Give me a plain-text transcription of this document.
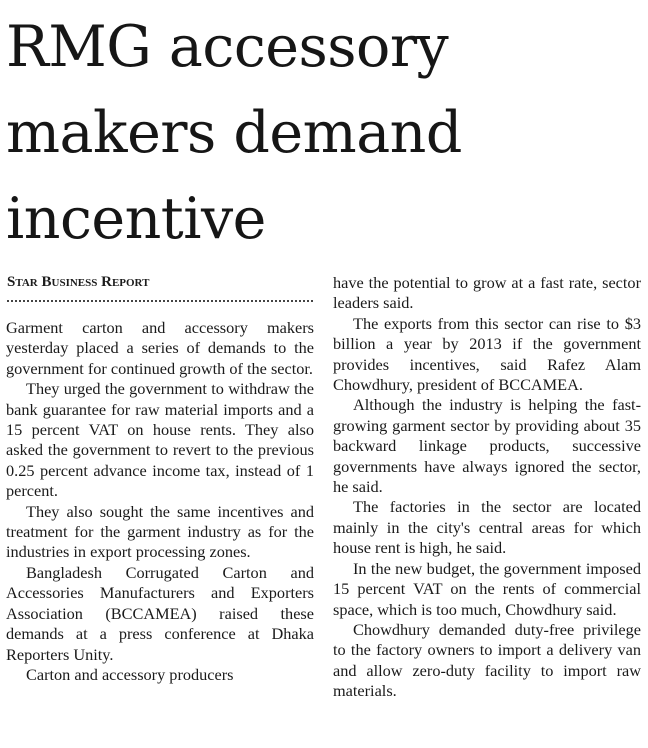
RMG accessory makers demand incentive
Star Business Report

Garment carton and accessory makers yesterday placed a series of demands to the government for continued growth of the sector.

They urged the government to withdraw the bank guarantee for raw material imports and a 15 percent VAT on house rents. They also asked the government to revert to the previous 0.25 percent advance income tax, instead of 1 percent.

They also sought the same incentives and treatment for the garment industry as for the industries in export processing zones.

Bangladesh Corrugated Carton and Accessories Manufacturers and Exporters Association (BCCAMEA) raised these demands at a press conference at Dhaka Reporters Unity.

Carton and accessory producers

have the potential to grow at a fast rate, sector leaders said.

The exports from this sector can rise to $3 billion a year by 2013 if the government provides incentives, said Rafez Alam Chowdhury, president of BCCAMEA.

Although the industry is helping the fast-growing garment sector by providing about 35 backward linkage products, successive governments have always ignored the sector, he said.

The factories in the sector are located mainly in the city's central areas for which house rent is high, he said.

In the new budget, the government imposed 15 percent VAT on the rents of commercial space, which is too much, Chowdhury said.

Chowdhury demanded duty-free privilege to the factory owners to import a delivery van and allow zero-duty facility to import raw materials.
